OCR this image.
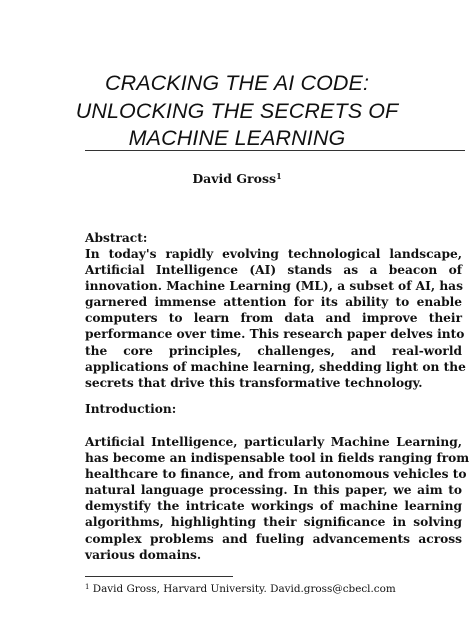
CRACKING THE AI CODE:
UNLOCKING THE SECRETS OF
MACHINE LEARNING
David Gross$^1$
Abstract:
In today's rapidly evolving technological landscape,
Artificial Intelligence (AI) stands as a beacon of
innovation. Machine Learning (ML), a subset of AI, has
garnered immense attention for its ability to enable
computers to learn from data and improve their
performance over time. This research paper delves into
the core principles, challenges, and real-world
applications of machine learning, shedding light on the
secrets that drive this transformative technology.
Introduction:
Artificial Intelligence, particularly Machine Learning,
has become an indispensable tool in fields ranging from
healthcare to finance, and from autonomous vehicles to
natural language processing. In this paper, we aim to
demystify the intricate workings of machine learning
algorithms, highlighting their significance in solving
complex problems and fueling advancements across
various domains.
$^1$ David Gross, Harvard University. David.gross@cbecl.com
